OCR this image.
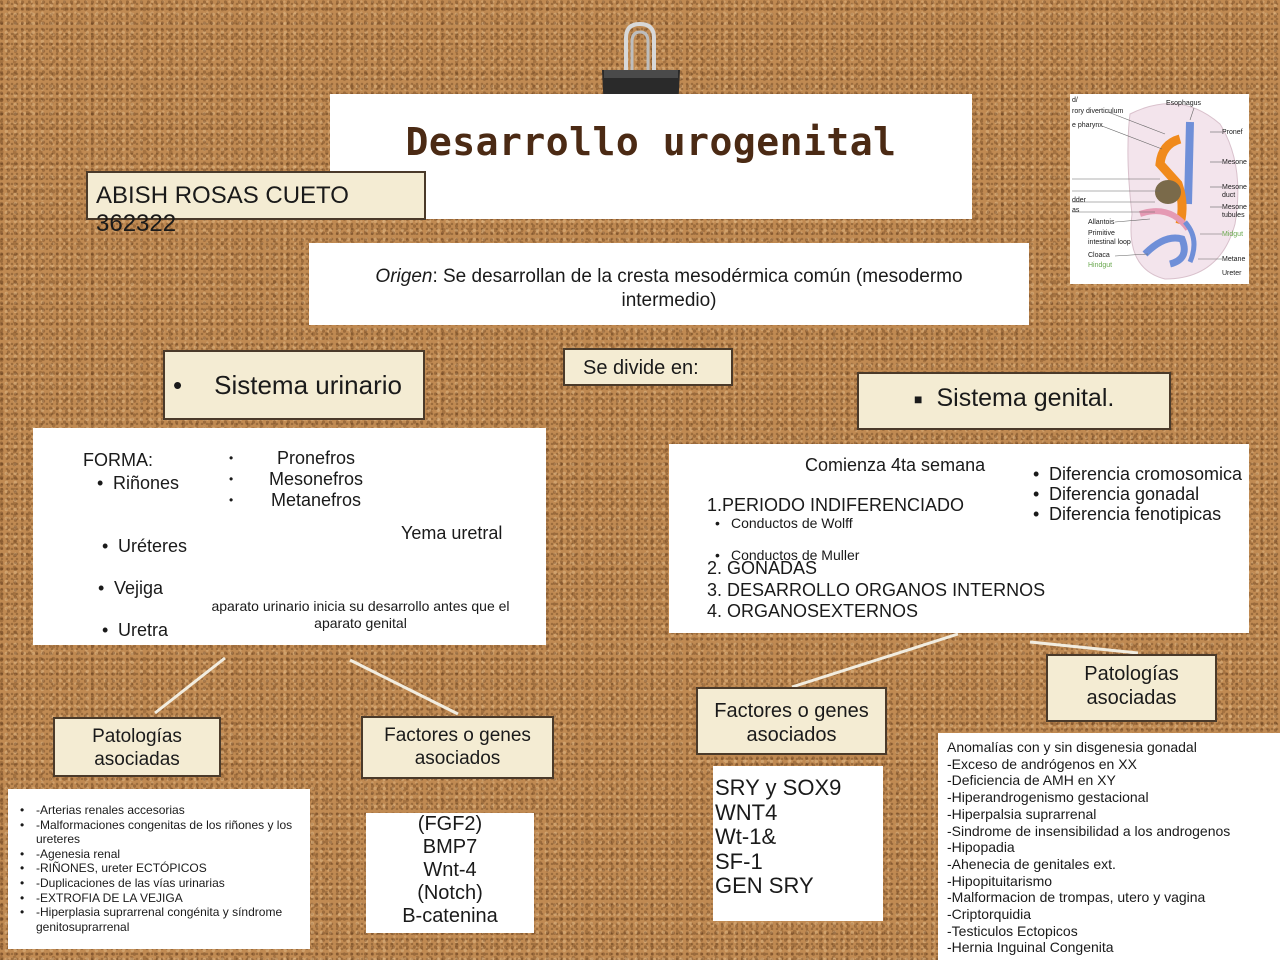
Desarrollo urogenital
ABISH ROSAS CUETO 362322
Origen: Se desarrollan de la cresta mesodérmica común (mesodermo intermedio)
Se divide en:
• Sistema urinario	■ Sistema genital.
FORMA:
• Riñones
• Uréteres
• Vejiga
• Uretra
•
•
•
Pronefros
Mesonefros
Metanefros
Yema uretral
aparato urinario inicia su desarrollo antes que el aparato genital
Comienza 4ta semana
1.PERIODO INDIFERENCIADO
• Conductos de Wolff
• Conductos de Muller
2. GONADAS
3. DESARROLLO ORGANOS INTERNOS
4. ORGANOSEXTERNOS
• Diferencia cromosomica
• Diferencia gonadal
• Diferencia fenotipicas
Patologías asociadas
Factores o genes asociados
Factores o genes asociados
Patologías asociadas
• -Arterias renales accesorias
• -Malformaciones congenitas de los riñones y los ureteres
• -Agenesia renal
• -RIÑONES, ureter ECTÓPICOS
• -Duplicaciones de las vías urinarias
• -EXTROFIA DE LA VEJIGA
• -Hiperplasia suprarrenal congénita y síndrome genitosuprarrenal
(FGF2)
BMP7
Wnt-4
(Notch)
B-catenina
SRY y SOX9
WNT4
Wt-1&
SF-1
GEN SRY
Anomalías con y sin disgenesia gonadal
-Exceso de andrógenos en XX
-Deficiencia de AMH en XY
-Hiperandrogenismo gestacional
-Hiperpalsia suprarrenal
-Sindrome de insensibilidad a los androgenos
-Hipopadia
-Ahenecia de genitales ext.
-Hipopituitarismo
-Malformacion de trompas, utero y vagina
-Criptorquidia
-Testiculos Ectopicos
-Hernia Inguinal Congenita
d/
rory diverticulum
e pharynx
dder
as
Allantois
Primitive
intestinal loop
Cloaca
Hindgut
Esophagus
Pronef
Mesone
Mesone
duct
Mesone
tubules
Midgut
Metane
Ureter
